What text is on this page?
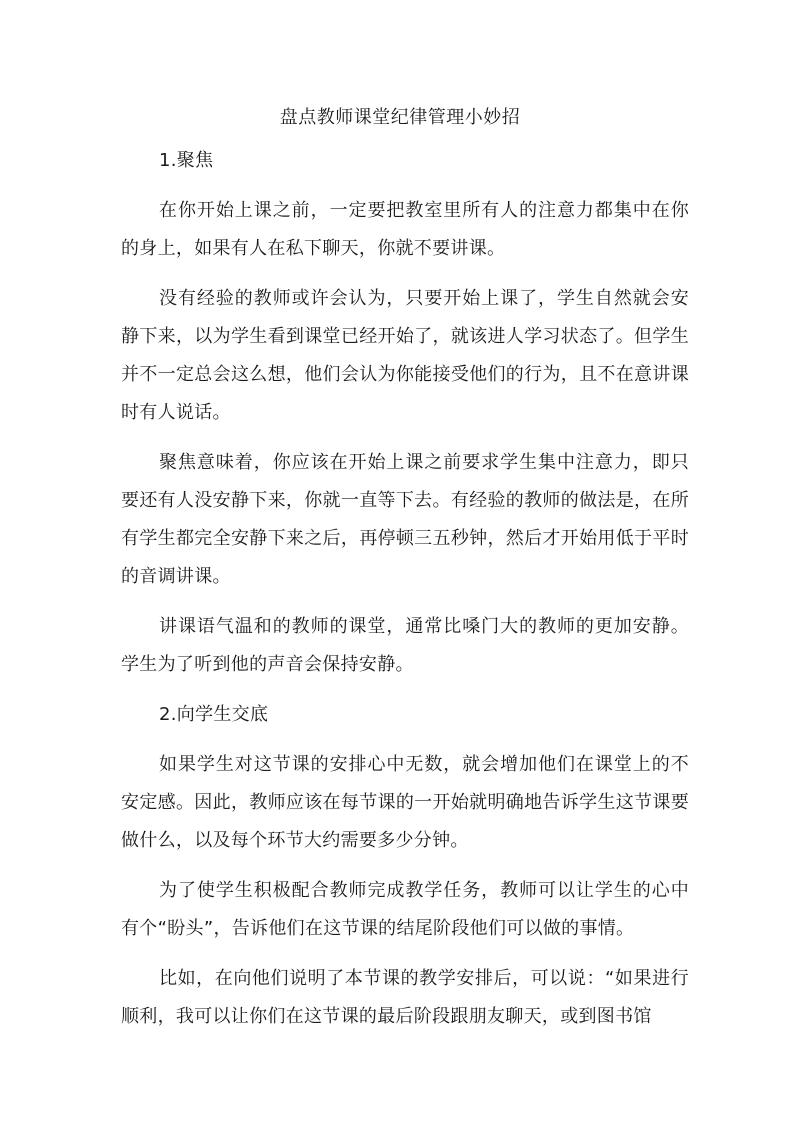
盘点教师课堂纪律管理小妙招

1.聚焦

在你开始上课之前，一定要把教室里所有人的注意力都集中在你的身上，如果有人在私下聊天，你就不要讲课。

没有经验的教师或许会认为，只要开始上课了，学生自然就会安静下来，以为学生看到课堂已经开始了，就该进人学习状态了。但学生并不一定总会这么想，他们会认为你能接受他们的行为，且不在意讲课时有人说话。

聚焦意味着，你应该在开始上课之前要求学生集中注意力，即只要还有人没安静下来，你就一直等下去。有经验的教师的做法是，在所有学生都完全安静下来之后，再停顿三五秒钟，然后才开始用低于平时的音调讲课。

讲课语气温和的教师的课堂，通常比嗓门大的教师的更加安静。学生为了听到他的声音会保持安静。

2.向学生交底

如果学生对这节课的安排心中无数，就会增加他们在课堂上的不安定感。因此，教师应该在每节课的一开始就明确地告诉学生这节课要做什么，以及每个环节大约需要多少分钟。

为了使学生积极配合教师完成教学任务，教师可以让学生的心中有个“盼头”，告诉他们在这节课的结尾阶段他们可以做的事情。

比如，在向他们说明了本节课的教学安排后，可以说：“如果进行顺利，我可以让你们在这节课的最后阶段跟朋友聊天，或到图书馆
